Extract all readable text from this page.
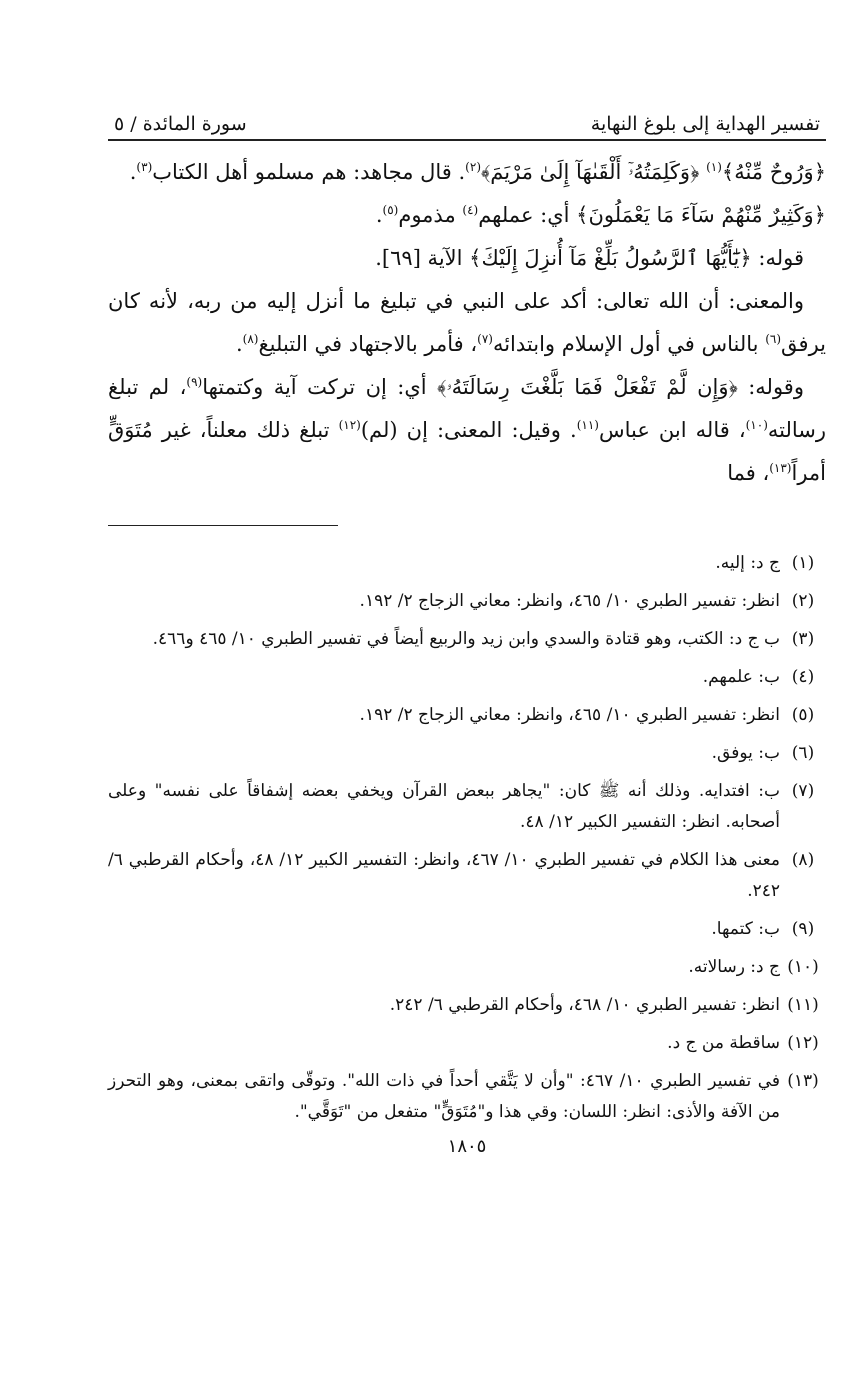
تفسير الهداية إلى بلوغ النهاية
سورة المائدة / ٥

﴿وَرُوحٌ مِّنْهُ﴾$^{(١)}$ ﴿وَكَلِمَتُهُۥٓ أَلْقَىٰهَآ إِلَىٰ مَرْيَمَ﴾$^{(٢)}$. قال مجاهد: هم مسلمو أهل الكتاب$^{(٣)}$.

﴿وَكَثِيرٌ مِّنْهُمْ سَآءَ مَا يَعْمَلُونَ﴾ أي: عملهم$^{(٤)}$ مذموم$^{(٥)}$.

قوله: ﴿يَٰٓأَيُّهَا ٱلرَّسُولُ بَلِّغْ مَآ أُنزِلَ إِلَيْكَ﴾ الآية [٦٩].

والمعنى: أن الله تعالى: أكد على النبي في تبليغ ما أنزل إليه من ربه، لأنه كان يرفق$^{(٦)}$ بالناس في أول الإسلام وابتدائه$^{(٧)}$، فأمر بالاجتهاد في التبليغ$^{(٨)}$.

وقوله: ﴿وَإِن لَّمْ تَفْعَلْ فَمَا بَلَّغْتَ رِسَالَتَهُۥ﴾ أي: إن تركت آية وكتمتها$^{(٩)}$، لم تبلغ رسالته$^{(١٠)}$، قاله ابن عباس$^{(١١)}$. وقيل: المعنى: إن (لم)$^{(١٢)}$ تبلغ ذلك معلناً، غير مُتَوَقٍّ أمراً$^{(١٣)}$، فما

(١)
ج د: إليه.
(٢)
انظر: تفسير الطبري ١٠/ ٤٦٥، وانظر: معاني الزجاج ٢/ ١٩٢.
(٣)
ب ج د: الكتب، وهو قتادة والسدي وابن زيد والربيع أيضاً في تفسير الطبري ١٠/ ٤٦٥ و٤٦٦.
(٤)
ب: علمهم.
(٥)
انظر: تفسير الطبري ١٠/ ٤٦٥، وانظر: معاني الزجاج ٢/ ١٩٢.
(٦)
ب: يوفق.
(٧)
ب: افتدايه. وذلك أنه ﷺ كان: "يجاهر ببعض القرآن ويخفي بعضه إشفاقاً على نفسه" وعلى أصحابه. انظر: التفسير الكبير ١٢/ ٤٨.
(٨)
معنى هذا الكلام في تفسير الطبري ١٠/ ٤٦٧، وانظر: التفسير الكبير ١٢/ ٤٨، وأحكام القرطبي ٦/ ٢٤٢.
(٩)
ب: كتمها.
(١٠)
ج د: رسالاته.
(١١)
انظر: تفسير الطبري ١٠/ ٤٦٨، وأحكام القرطبي ٦/ ٢٤٢.
(١٢)
ساقطة من ج د.
(١٣)
في تفسير الطبري ١٠/ ٤٦٧: "وأن لا يَتَّقي أحداً في ذات الله". وتوقّى واتقى بمعنى، وهو التحرز من الآفة والأذى: انظر: اللسان: وقي هذا و"مُتَوَقٍّ" متفعل من "تَوَقَّي".
١٨٠٥
